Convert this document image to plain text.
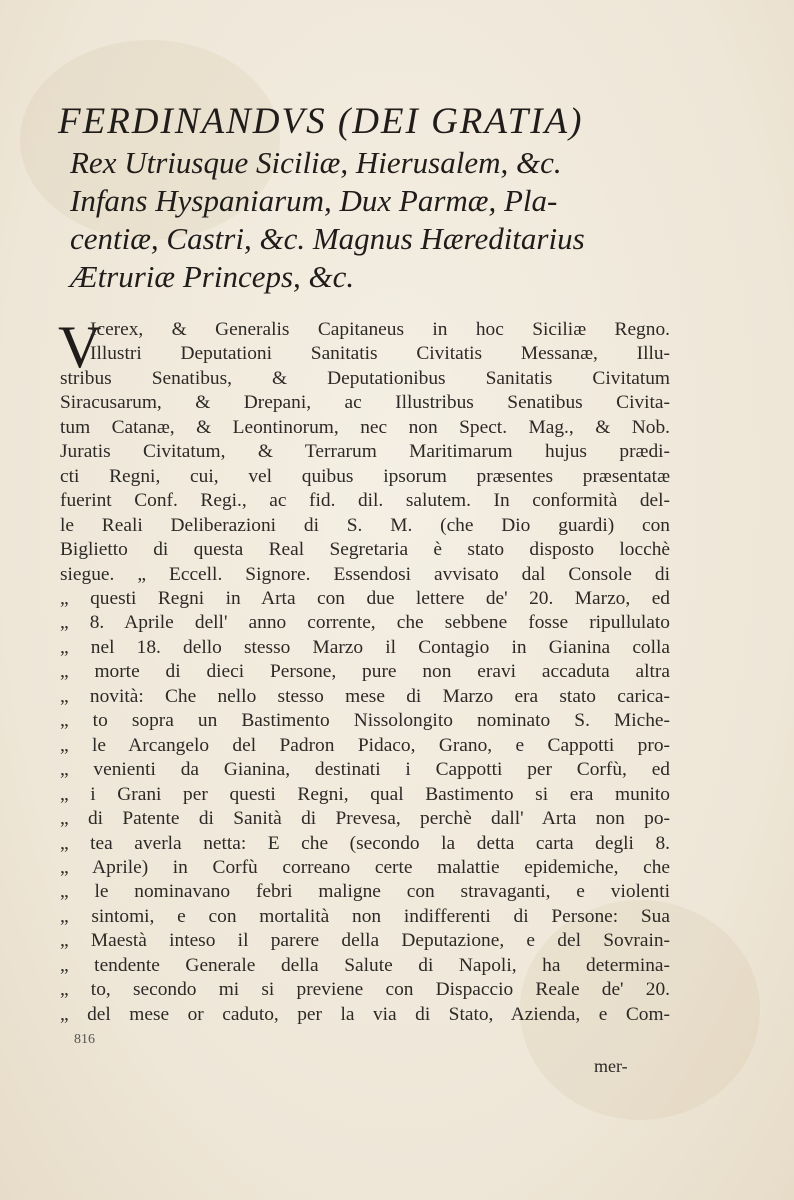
FERDINANDVS (DEI GRATIA)
Rex Utriusque Siciliæ, Hierusalem, &c.
Infans Hyspaniarum, Dux Parmæ, Pla-
centiæ, Castri, &c. Magnus Hæreditarius
Ætruriæ Princeps, &c.
V
Icerex, & Generalis Capitaneus in hoc Siciliæ Regno.
Illustri Deputationi Sanitatis Civitatis Messanæ, Illu-
stribus Senatibus, & Deputationibus Sanitatis Civitatum
Siracusarum, & Drepani, ac Illustribus Senatibus Civita-
tum Catanæ, & Leontinorum, nec non Spect. Mag., & Nob.
Juratis Civitatum, & Terrarum Maritimarum hujus prædi-
cti Regni, cui, vel quibus ipsorum præsentes præsentatæ
fuerint Conf. Regi., ac fid. dil. salutem. In conformità del-
le Reali Deliberazioni di S. M. (che Dio guardi) con
Biglietto di questa Real Segretaria è stato disposto locchè
siegue. „ Eccell. Signore. Essendosi avvisato dal Console di
„ questi Regni in Arta con due lettere de' 20. Marzo, ed
„ 8. Aprile dell' anno corrente, che sebbene fosse ripullulato
„ nel 18. dello stesso Marzo il Contagio in Gianina colla
„ morte di dieci Persone, pure non eravi accaduta altra
„ novità: Che nello stesso mese di Marzo era stato carica-
„ to sopra un Bastimento Nissolongito nominato S. Miche-
„ le Arcangelo del Padron Pidaco, Grano, e Cappotti pro-
„ venienti da Gianina, destinati i Cappotti per Corfù, ed
„ i Grani per questi Regni, qual Bastimento si era munito
„ di Patente di Sanità di Prevesa, perchè dall' Arta non po-
„ tea averla netta: E che (secondo la detta carta degli 8.
„ Aprile) in Corfù correano certe malattie epidemiche, che
„ le nominavano febri maligne con stravaganti, e violenti
„ sintomi, e con mortalità non indifferenti di Persone: Sua
„ Maestà inteso il parere della Deputazione, e del Sovrain-
„ tendente Generale della Salute di Napoli, ha determina-
„ to, secondo mi si previene con Dispaccio Reale de' 20.
„ del mese or caduto, per la via di Stato, Azienda, e Com-
816
mer-
